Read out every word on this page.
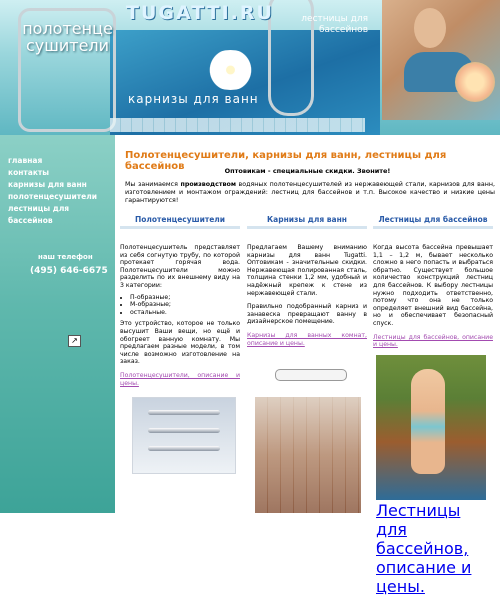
TUGATTI.RU
полотенце сушители
лестницы для бассейнов
карнизы для ванн
главная
контакты
карнизы для ванн
полотенцесушители
лестницы для бассейнов
наш телефон
(495) 646-6675
↗
Полотенцесушители, карнизы для ванн, лестницы для бассейнов	Оптовикам - специальные скидки. Звоните!
Мы занимаемся производством водяных полотенцесушителей из нержавеющей стали, карнизов для ванн, изготовлением и монтажом ограждений: лестниц для бассейнов и т.п. Высокое качество и низкие цены гарантируются!
Полотенцесушители
Полотенцесушитель представляет из себя согнутую трубу, по которой протекает горячая вода. Полотенцесушители можно разделить по их внешнему виду на 3 категории:
• П-образные;
• М-образные;
• остальные.
Это устройство, которое не только высушит Ваши вещи, но ещё и обогреет ванную комнату. Мы предлагаем разные модели, в том числе возможно изготовление на заказ.
Полотенцесушители, описание и цены.
Карнизы для ванн
Предлагаем Вашему вниманию карнизы для ванн Tugatti. Оптовикам - значительные скидки. Нержавеющая полированная сталь, толщина стенки 1,2 мм, удобный и надёжный крепеж к стене из нержавеющей стали.
Правильно подобранный карниз и занавеска превращают ванну в дизайнерское помещение.
Карнизы для ванных комнат, описание и цены.
Лестницы для бассейнов
Когда высота бассейна превышает 1,1 – 1,2 м, бывает несколько сложно в него попасть и выбраться обратно. Существует большое количество конструкций лестниц для бассейнов. К выбору лестницы нужно подходить ответственно, потому что она не только определяет внешний вид бассейна, но и обеспечивает безопасный спуск.
Лестницы для бассейнов, описание и цены.
Лестницы для бассейнов, описание и цены.
